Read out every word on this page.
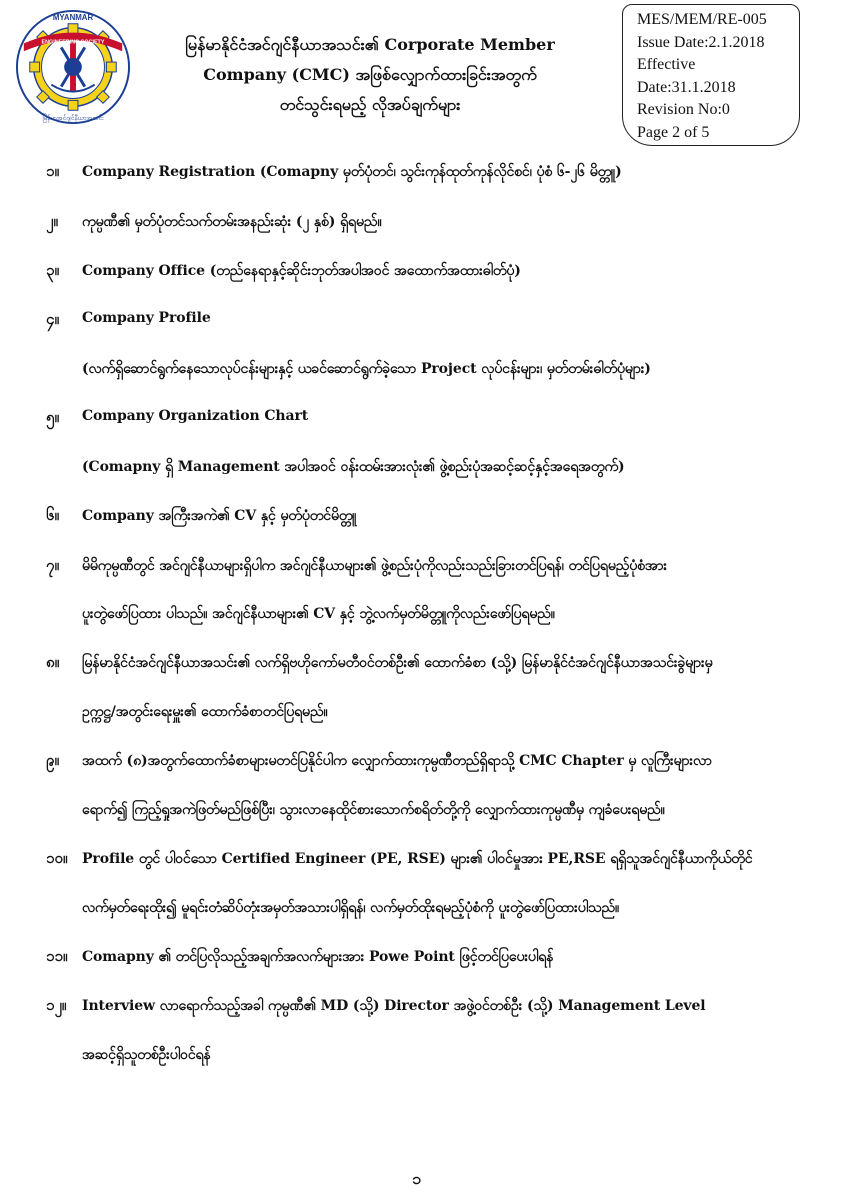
MYANMAR
ENGINEERING SOCIETY
မြန်မာအင်ဂျင်နီယာအသင်း
မြန်မာနိုင်ငံအင်ဂျင်နီယာအသင်း၏ Corporate Member
Company (CMC) အဖြစ်လျှောက်ထားခြင်းအတွက်
တင်သွင်းရမည့် လိုအပ်ချက်များ
MES/MEM/RE-005
Issue Date:2.1.2018
Effective
Date:31.1.2018
Revision No:0
Page 2 of 5
၁။ Company Registration (Comapny မှတ်ပုံတင်၊ သွင်းကုန်ထုတ်ကုန်လိုင်စင်၊ ပုံစံ ၆-၂၆ မိတ္တူ)
၂။ ကုမ္ပဏီ၏ မှတ်ပုံတင်သက်တမ်းအနည်းဆုံး (၂ နှစ်) ရှိရမည်။
၃။ Company Office (တည်နေရာနှင့်ဆိုင်းဘုတ်အပါအဝင် အထောက်အထားဓါတ်ပုံ)
၄။ Company Profile
(လက်ရှိဆောင်ရွက်နေသောလုပ်ငန်းများနှင့် ယခင်ဆောင်ရွက်ခဲ့သော Project လုပ်ငန်းများ၊ မှတ်တမ်းဓါတ်ပုံများ)
၅။ Company Organization Chart
(Comapny ရှိ Management အပါအဝင် ဝန်းထမ်းအားလုံး၏ ဖွဲ့စည်းပုံအဆင့်ဆင့်နှင့်အရေအတွက်)
၆။ Company အကြီးအကဲ၏ CV နှင့် မှတ်ပုံတင်မိတ္တူ
၇။ မိမိကုမ္ပဏီတွင် အင်ဂျင်နီယာများရှိပါက အင်ဂျင်နီယာများ၏ ဖွဲ့စည်းပုံကိုလည်းသည်းခြားတင်ပြရန်၊ တင်ပြရမည့်ပုံစံအား
ပူးတွဲဖော်ပြထား ပါသည်။ အင်ဂျင်နီယာများ၏ CV နှင့် ဘွဲ့လက်မှတ်မိတ္တူကိုလည်းဖော်ပြရမည်။
၈။ မြန်မာနိုင်ငံအင်ဂျင်နီယာအသင်း၏ လက်ရှိဗဟိုကော်မတီဝင်တစ်ဦး၏ ထောက်ခံစာ (သို့) မြန်မာနိုင်ငံအင်ဂျင်နီယာအသင်းခွဲများမှ
ဥက္ကဋ္ဌ/အတွင်းရေးမှူး၏ ထောက်ခံစာတင်ပြရမည်။
၉။ အထက် (၈)အတွက်ထောက်ခံစာများမတင်ပြနိုင်ပါက လျှောက်ထားကုမ္ပဏီတည်ရှိရာသို့ CMC Chapter မှ လူကြီးများလာ
ရောက်၍ ကြည့်ရှုအကဲဖြတ်မည်ဖြစ်ပြီး၊ သွားလာနေထိုင်စားသောက်စရိတ်တို့ကို လျှောက်ထားကုမ္ပဏီမှ ကျခံပေးရမည်။
၁၀။ Profile တွင် ပါဝင်သော Certified Engineer (PE, RSE) များ၏ ပါဝင်မှုအား PE,RSE ရရှိသူအင်ဂျင်နီယာကိုယ်တိုင်
လက်မှတ်ရေးထိုး၍ မူရင်းတံဆိပ်တုံးအမှတ်အသားပါရှိရန်၊ လက်မှတ်ထိုးရမည့်ပုံစံကို ပူးတွဲဖော်ပြထားပါသည်။
၁၁။ Comapny ၏ တင်ပြလိုသည့်အချက်အလက်များအား Powe Point ဖြင့်တင်ပြပေးပါရန်
၁၂။ Interview လာရောက်သည့်အခါ ကုမ္ပဏီ၏ MD (သို့) Director အဖွဲ့ဝင်တစ်ဦး (သို့) Management Level
အဆင့်ရှိသူတစ်ဦးပါဝင်ရန်
၁
